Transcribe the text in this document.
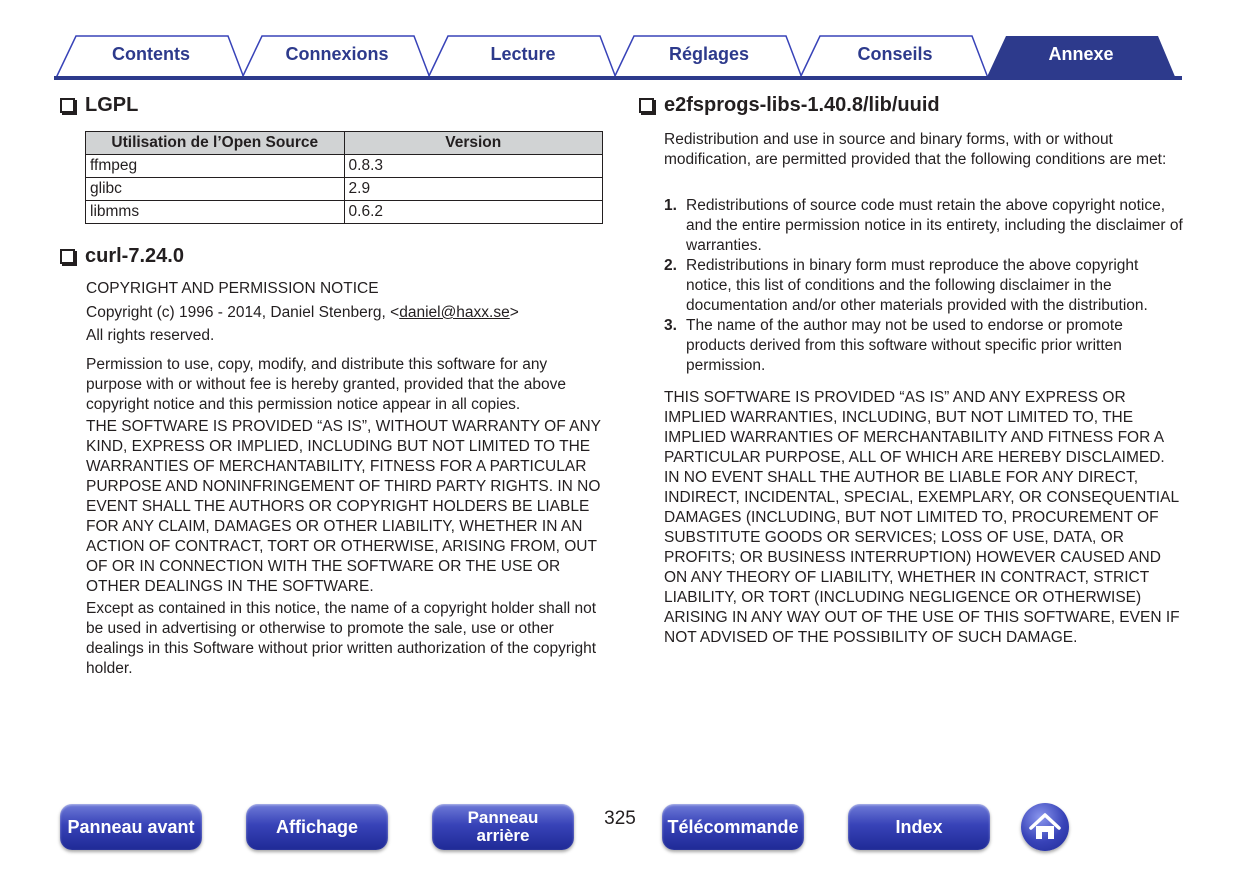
Contents	Connexions	Lecture	Réglages	Conseils	Annexe
LGPL
Utilisation de l’Open Source	Version
ffmpeg	0.8.3
glibc	2.9
libmms	0.6.2
curl-7.24.0

COPYRIGHT AND PERMISSION NOTICE

Copyright (c) 1996 - 2014, Daniel Stenberg, <daniel@haxx.se>

All rights reserved.

Permission to use, copy, modify, and distribute this software for any purpose with or without fee is hereby granted, provided that the above copyright notice and this permission notice appear in all copies.

THE SOFTWARE IS PROVIDED “AS IS”, WITHOUT WARRANTY OF ANY KIND, EXPRESS OR IMPLIED, INCLUDING BUT NOT LIMITED TO THE WARRANTIES OF MERCHANTABILITY, FITNESS FOR A PARTICULAR PURPOSE AND NONINFRINGEMENT OF THIRD PARTY RIGHTS. IN NO EVENT SHALL THE AUTHORS OR COPYRIGHT HOLDERS BE LIABLE FOR ANY CLAIM, DAMAGES OR OTHER LIABILITY, WHETHER IN AN ACTION OF CONTRACT, TORT OR OTHERWISE, ARISING FROM, OUT OF OR IN CONNECTION WITH THE SOFTWARE OR THE USE OR OTHER DEALINGS IN THE SOFTWARE.

Except as contained in this notice, the name of a copyright holder shall not be used in advertising or otherwise to promote the sale, use or other dealings in this Software without prior written authorization of the copyright holder.

e2fsprogs-libs-1.40.8/lib/uuid
Redistribution and use in source and binary forms, with or without modification, are permitted provided that the following conditions are met:
1. Redistributions of source code must retain the above copyright notice, and the entire permission notice in its entirety, including the disclaimer of warranties.
2. Redistributions in binary form must reproduce the above copyright notice, this list of conditions and the following disclaimer in the documentation and/or other materials provided with the distribution.
3. The name of the author may not be used to endorse or promote products derived from this software without specific prior written permission.
THIS SOFTWARE IS PROVIDED “AS IS” AND ANY EXPRESS OR IMPLIED WARRANTIES, INCLUDING, BUT NOT LIMITED TO, THE IMPLIED WARRANTIES OF MERCHANTABILITY AND FITNESS FOR A PARTICULAR PURPOSE, ALL OF WHICH ARE HEREBY DISCLAIMED. IN NO EVENT SHALL THE AUTHOR BE LIABLE FOR ANY DIRECT, INDIRECT, INCIDENTAL, SPECIAL, EXEMPLARY, OR CONSEQUENTIAL DAMAGES (INCLUDING, BUT NOT LIMITED TO, PROCUREMENT OF SUBSTITUTE GOODS OR SERVICES; LOSS OF USE, DATA, OR PROFITS; OR BUSINESS INTERRUPTION) HOWEVER CAUSED AND ON ANY THEORY OF LIABILITY, WHETHER IN CONTRACT, STRICT LIABILITY, OR TORT (INCLUDING NEGLIGENCE OR OTHERWISE) ARISING IN ANY WAY OUT OF THE USE OF THIS SOFTWARE, EVEN IF NOT ADVISED OF THE POSSIBILITY OF SUCH DAMAGE.
Panneau avant	Affichage	Panneau
arrière
325	Télécommande	Index
